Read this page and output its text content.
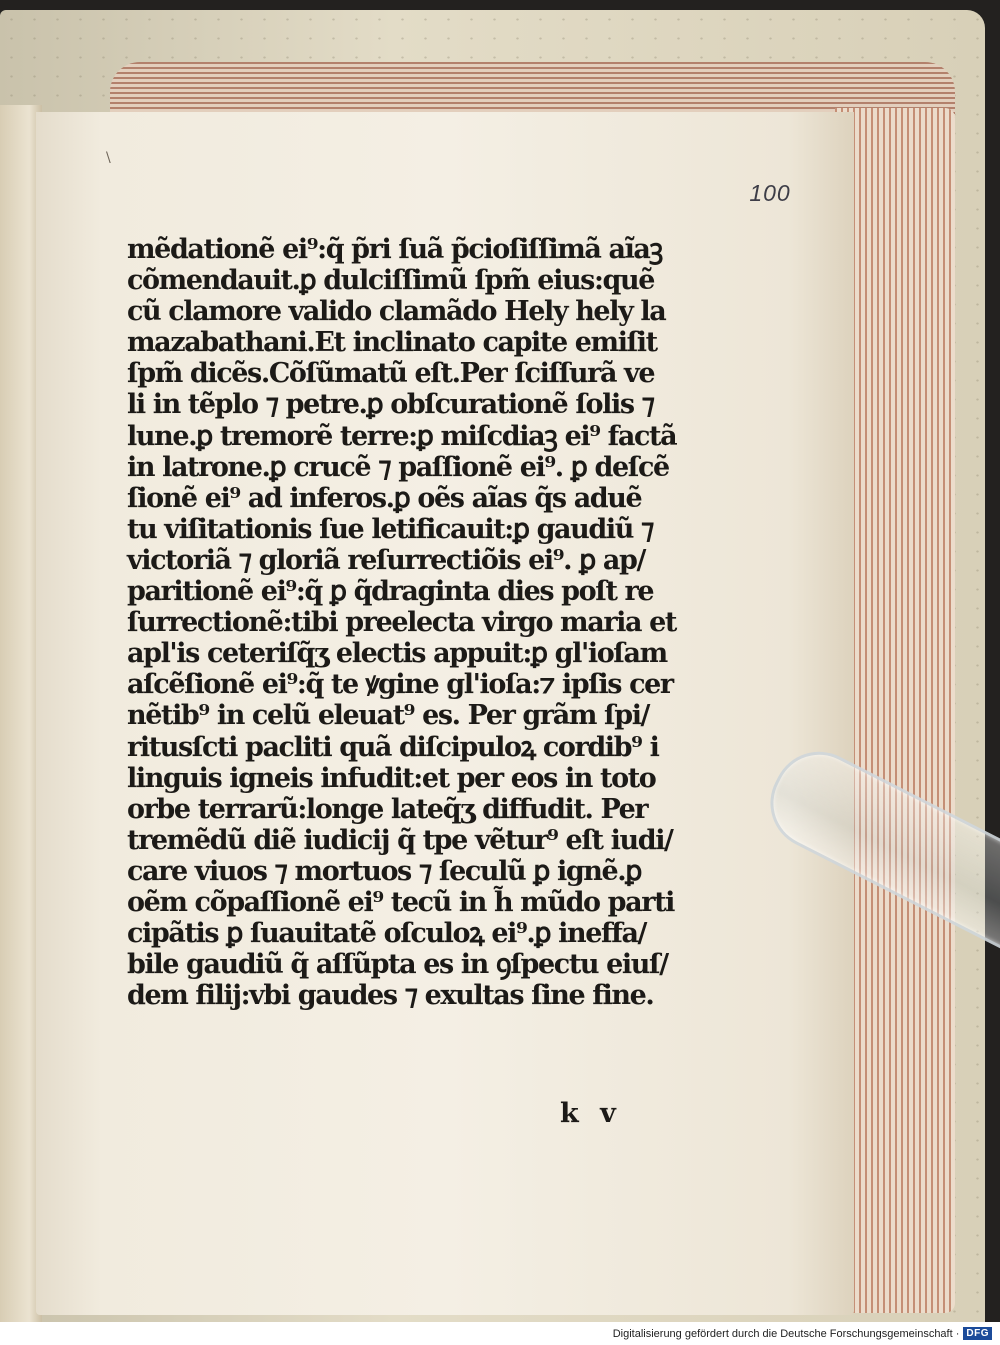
\
100
mẽdationẽ ei⁹:q̃ p̃ri ſuã p̃cioſiſſimã aĩaꝫ
cõmendauit.ꝑ dulciſſimũ ſpm̃ eius:quẽ
cũ clamore valido clamãdo Hely hely la
mazabathani.Et inclinato capite emiſit
ſpm̃ dicẽs.Cõſũmatũ eſt.Per ſciſſurã ve
li in tẽplo ⁊ petre.ꝑ obſcurationẽ ſolis ⁊
lune.ꝑ tremorẽ terre:ꝑ miſcdiaꝫ ei⁹ factã
in latrone.ꝑ crucẽ ⁊ paſſionẽ ei⁹. ꝑ deſcẽ
ſionẽ ei⁹ ad inferos.ꝑ oẽs aĩas q̃s aduẽ
tu viſitationis ſue letificauit:ꝑ gaudiũ ⁊
victoriã ⁊ gloriã reſurrectiõis ei⁹. ꝑ ap/
paritionẽ ei⁹:q̃ ꝑ q̃draginta dies poſt re
ſurrectionẽ:tibi preelecta virgo maria et
apl'is ceteriſq̃ʒ electis appuit:ꝑ gl'ioſam
aſcẽſionẽ ei⁹:q̃ te ꝟgine gl'ioſa:⁊ ipſis cer
nẽtib⁹ in celũ eleuat⁹ es. Per grãm ſpi/
ritusſcti pacliti quã diſcipuloꝝ cordib⁹ i
linguis igneis infudit:et per eos in toto
orbe terrarũ:longe lateq̃ʒ diffudit. Per
tremẽdũ diẽ iudicij q̃ tpe vẽtur⁹ eſt iudi/
care viuos ⁊ mortuos ⁊ ſeculũ ꝑ ignẽ.ꝑ
oẽm cõpaſſionẽ ei⁹ tecũ in h̃ mũdo parti
cipãtis ꝑ ſuauitatẽ oſculoꝝ ei⁹.ꝑ ineffa/
bile gaudiũ q̃ aſſũpta es in ꝯſpectu eiuſ/
dem filij:vbi gaudes ⁊ exultas ſine fine.
k v
Digitalisierung gefördert durch die Deutsche Forschungsgemeinschaft · DFG
